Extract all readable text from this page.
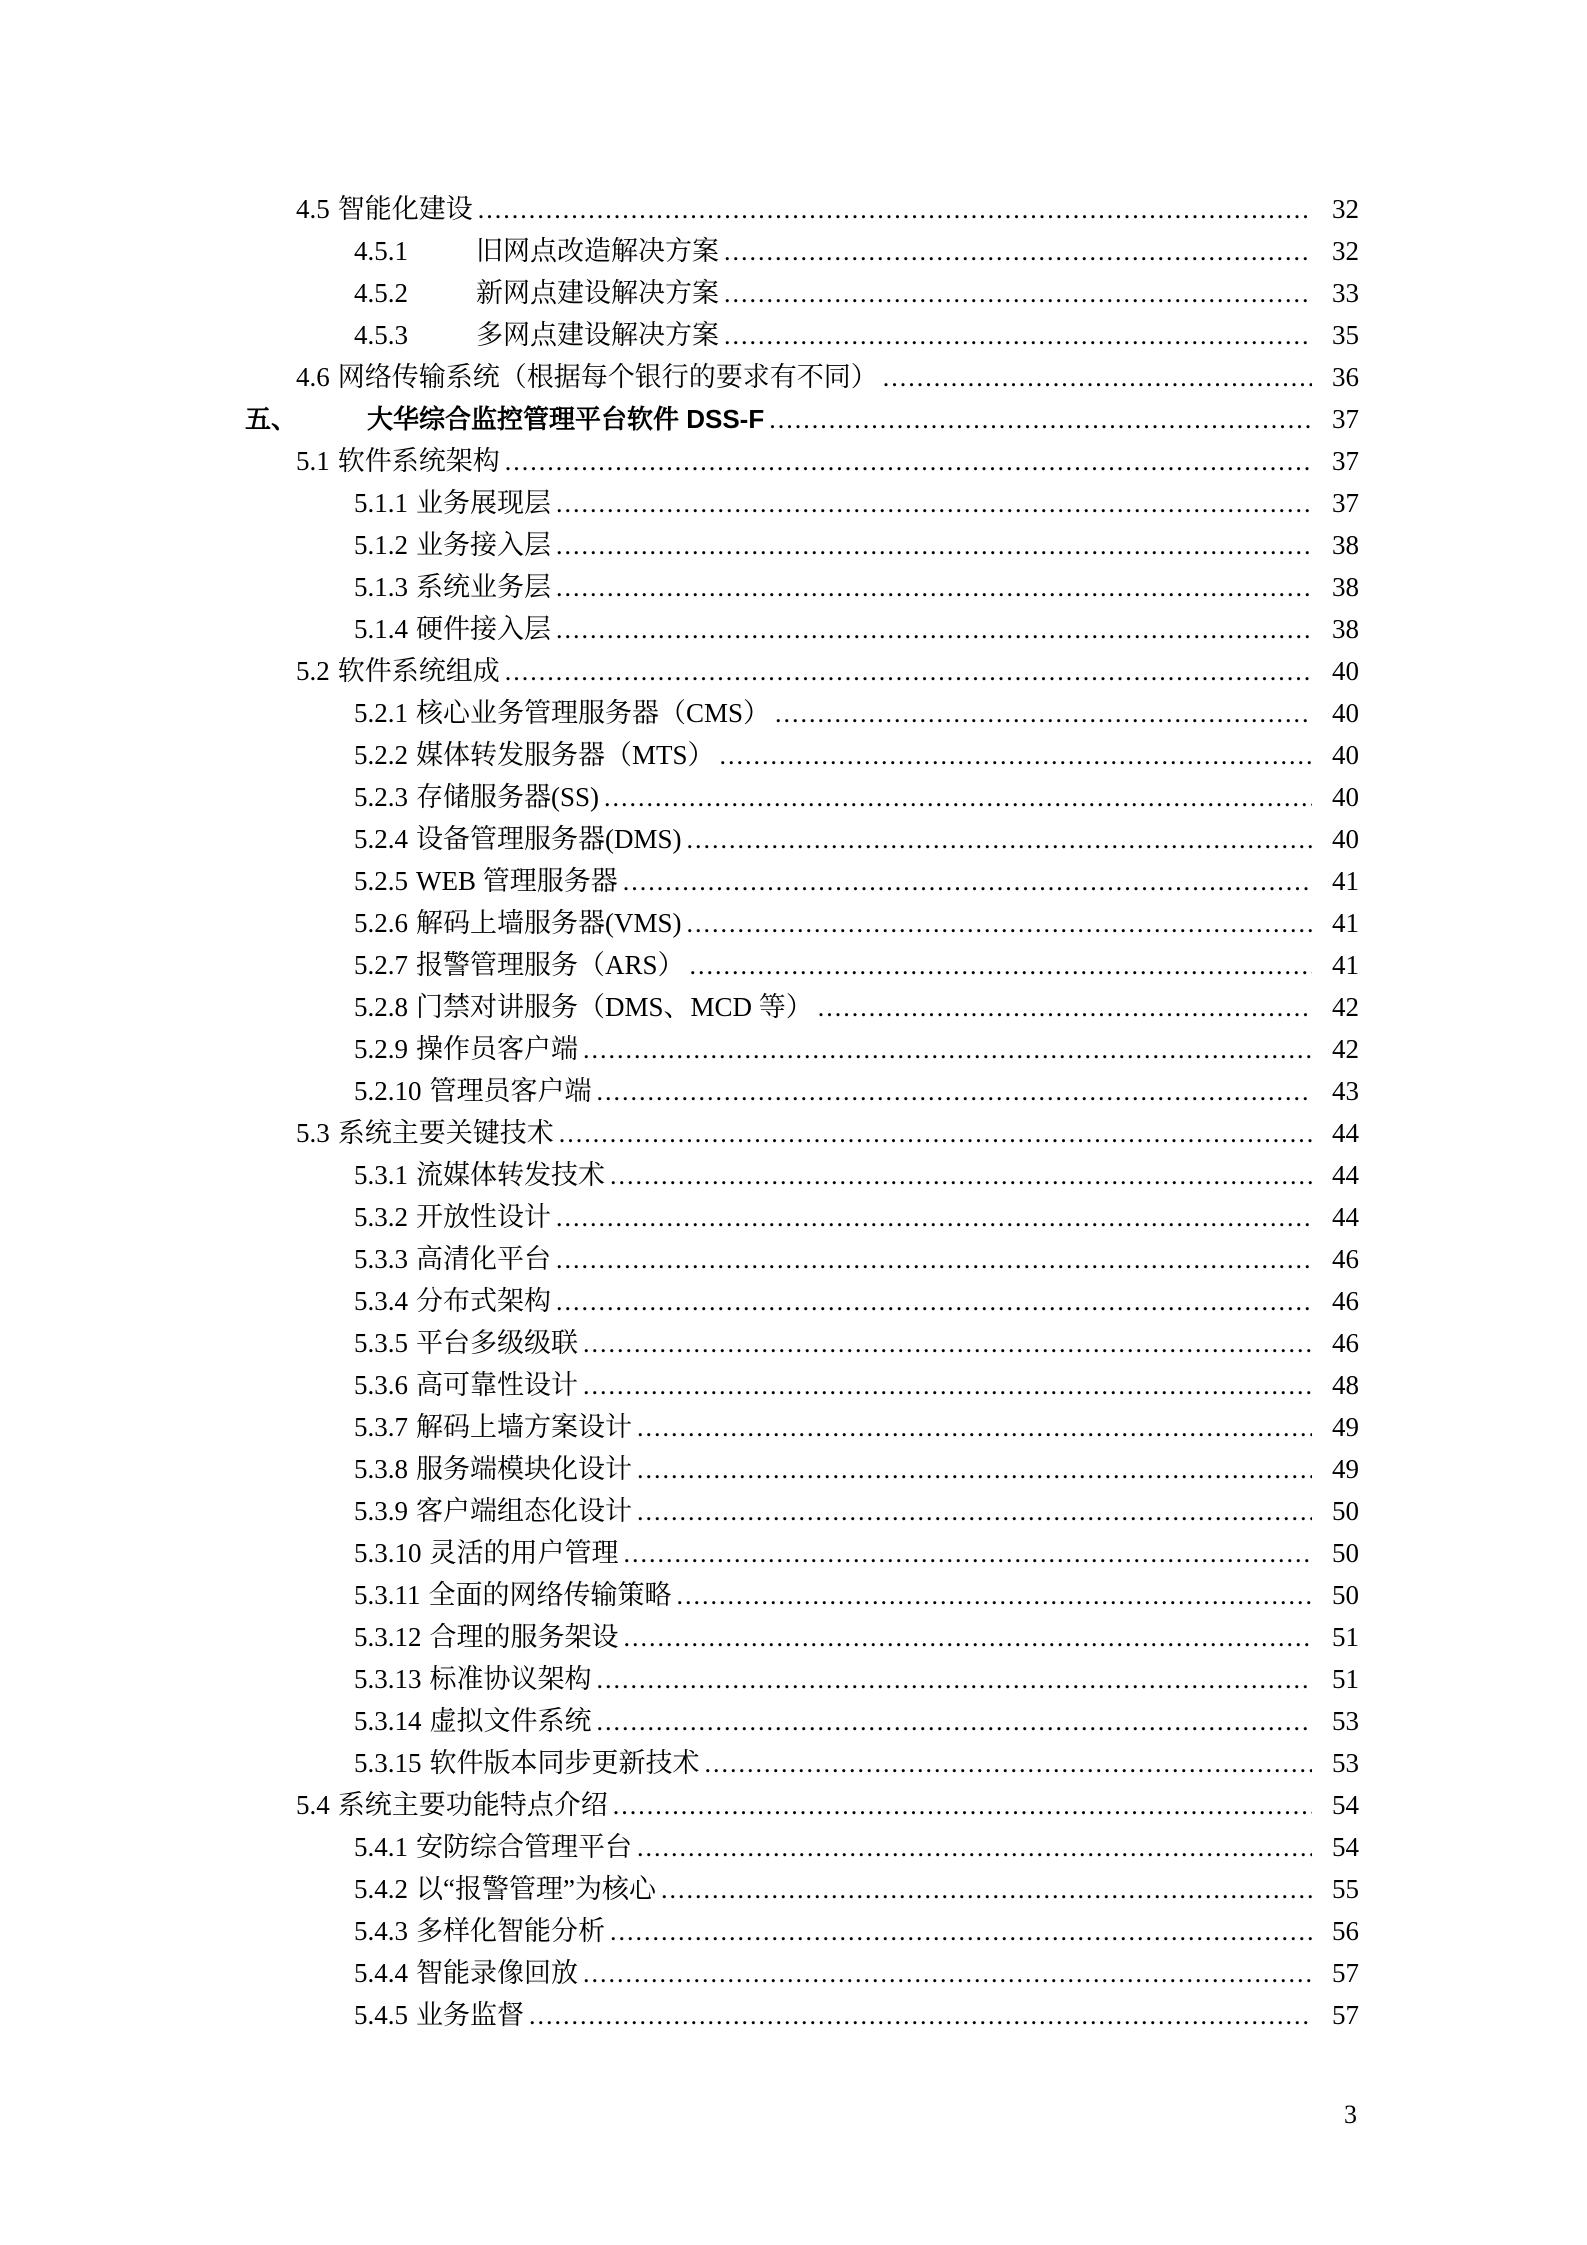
4.5 智能化建设 .....	32
4.5.1	旧网点改造解决方案 .....	32
4.5.2	新网点建设解决方案 .....	33
4.5.3	多网点建设解决方案 .....	35
4.6 网络传输系统（根据每个银行的要求有不同） .....	36
五、	大华综合监控管理平台软件 DSS-F .....	37
5.1 软件系统架构 .....	37
5.1.1 业务展现层 .....	37
5.1.2 业务接入层 .....	38
5.1.3 系统业务层 .....	38
5.1.4 硬件接入层 .....	38
5.2 软件系统组成 .....	40
5.2.1 核心业务管理服务器（CMS） .....	40
5.2.2 媒体转发服务器（MTS） .....	40
5.2.3 存储服务器(SS) .....	40
5.2.4 设备管理服务器(DMS) .....	40
5.2.5 WEB 管理服务器 .....	41
5.2.6 解码上墙服务器(VMS) .....	41
5.2.7 报警管理服务（ARS） .....	41
5.2.8 门禁对讲服务（DMS、MCD 等） .....	42
5.2.9 操作员客户端 .....	42
5.2.10 管理员客户端 .....	43
5.3 系统主要关键技术 .....	44
5.3.1 流媒体转发技术 .....	44
5.3.2 开放性设计 .....	44
5.3.3 高清化平台 .....	46
5.3.4 分布式架构 .....	46
5.3.5 平台多级级联 .....	46
5.3.6 高可靠性设计 .....	48
5.3.7 解码上墙方案设计 .....	49
5.3.8 服务端模块化设计 .....	49
5.3.9 客户端组态化设计 .....	50
5.3.10 灵活的用户管理 .....	50
5.3.11 全面的网络传输策略 .....	50
5.3.12 合理的服务架设 .....	51
5.3.13 标准协议架构 .....	51
5.3.14 虚拟文件系统 .....	53
5.3.15 软件版本同步更新技术 .....	53
5.4 系统主要功能特点介绍 .....	54
5.4.1 安防综合管理平台 .....	54
5.4.2 以“报警管理”为核心 .....	55
5.4.3 多样化智能分析 .....	56
5.4.4 智能录像回放 .....	57
5.4.5 业务监督 .....	57
3
